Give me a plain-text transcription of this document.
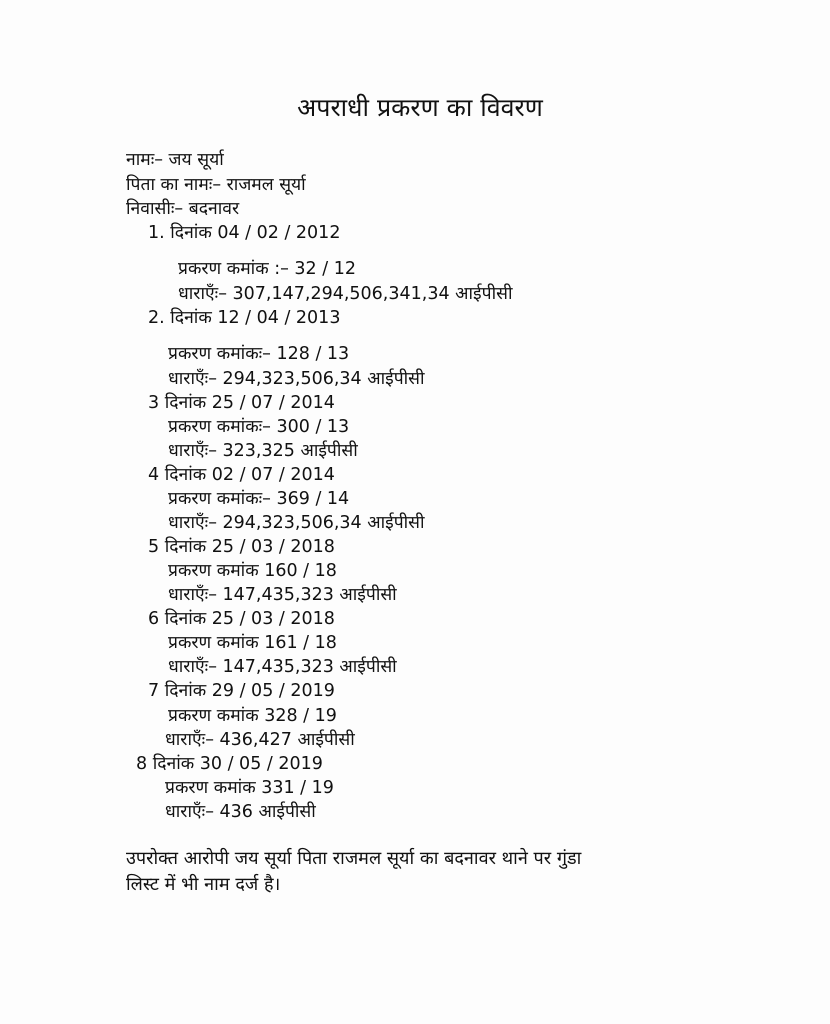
अपराधी प्रकरण का विवरण
नामः– जय सूर्या
पिता का नामः– राजमल सूर्या
निवासीः– बदनावर
1. दिनांक 04 / 02 / 2012
प्रकरण कमांक :– 32 / 12
धाराएँः– 307,147,294,506,341,34 आईपीसी
2. दिनांक 12 / 04 / 2013
प्रकरण कमांकः– 128 / 13
धाराएँः– 294,323,506,34 आईपीसी
3 दिनांक 25 / 07 / 2014
प्रकरण कमांकः– 300 / 13
धाराएँः– 323,325 आईपीसी
4 दिनांक 02 / 07 / 2014
प्रकरण कमांकः– 369 / 14
धाराएँः– 294,323,506,34 आईपीसी
5 दिनांक 25 / 03 / 2018
प्रकरण कमांक 160 / 18
धाराएँः– 147,435,323 आईपीसी
6 दिनांक 25 / 03 / 2018
प्रकरण कमांक 161 / 18
धाराएँः– 147,435,323 आईपीसी
7 दिनांक 29 / 05 / 2019
प्रकरण कमांक 328 / 19
धाराएँः– 436,427 आईपीसी
8 दिनांक 30 / 05 / 2019
प्रकरण कमांक 331 / 19
धाराएँः– 436 आईपीसी
उपरोक्त आरोपी जय सूर्या पिता राजमल सूर्या का बदनावर थाने पर गुंडा
लिस्ट में भी नाम दर्ज है।
